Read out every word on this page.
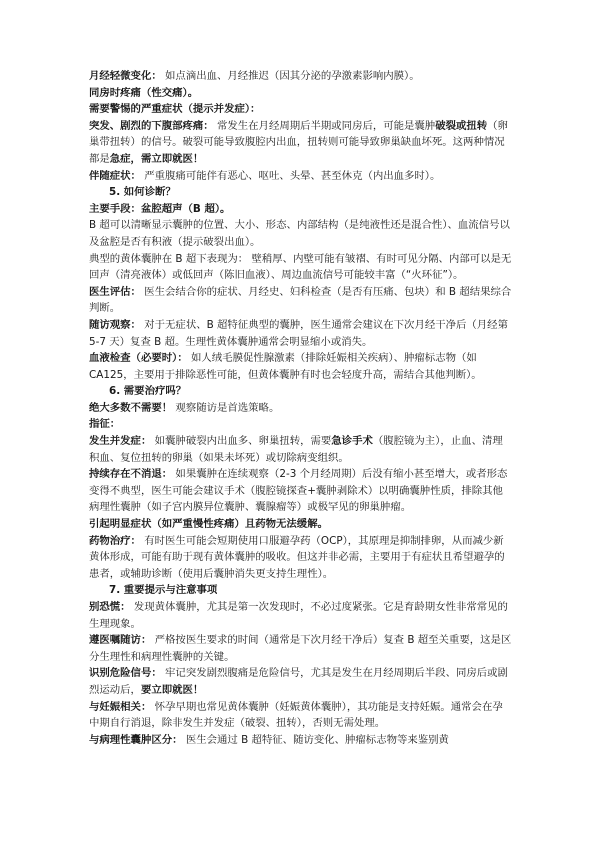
月经轻微变化： 如点滴出血、月经推迟（因其分泌的孕激素影响内膜）。
同房时疼痛（性交痛）。
需要警惕的严重症状（提示并发症）：
突发、剧烈的下腹部疼痛： 常发生在月经周期后半期或同房后，可能是囊肿破裂或扭转（卵巢带扭转）的信号。破裂可能导致腹腔内出血，扭转则可能导致卵巢缺血坏死。这两种情况都是急症，需立即就医！
伴随症状： 严重腹痛可能伴有恶心、呕吐、头晕、甚至休克（内出血多时）。
5. 如何诊断？
主要手段：盆腔超声（B 超）。
B 超可以清晰显示囊肿的位置、大小、形态、内部结构（是纯液性还是混合性）、血流信号以及盆腔是否有积液（提示破裂出血）。
典型的黄体囊肿在 B 超下表现为： 壁稍厚、内壁可能有皱褶、有时可见分隔、内部可以是无回声（清亮液体）或低回声（陈旧血液）、周边血流信号可能较丰富（“火环征”）。
医生评估： 医生会结合你的症状、月经史、妇科检查（是否有压痛、包块）和 B 超结果综合判断。
随访观察： 对于无症状、B 超特征典型的囊肿，医生通常会建议在下次月经干净后（月经第 5-7 天）复查 B 超。生理性黄体囊肿通常会明显缩小或消失。
血液检查（必要时）： 如人绒毛膜促性腺激素（排除妊娠相关疾病）、肿瘤标志物（如 CA125，主要用于排除恶性可能，但黄体囊肿有时也会轻度升高，需结合其他判断）。
6. 需要治疗吗？
绝大多数不需要！ 观察随访是首选策略。
指征：
发生并发症： 如囊肿破裂内出血多、卵巢扭转，需要急诊手术（腹腔镜为主），止血、清理积血、复位扭转的卵巢（如果未坏死）或切除病变组织。
持续存在不消退： 如果囊肿在连续观察（2-3 个月经周期）后没有缩小甚至增大，或者形态变得不典型，医生可能会建议手术（腹腔镜探查+囊肿剥除术）以明确囊肿性质，排除其他病理性囊肿（如子宫内膜异位囊肿、囊腺瘤等）或极罕见的卵巢肿瘤。
引起明显症状（如严重慢性疼痛）且药物无法缓解。
药物治疗： 有时医生可能会短期使用口服避孕药（OCP），其原理是抑制排卵，从而减少新黄体形成，可能有助于现有黄体囊肿的吸收。但这并非必需，主要用于有症状且希望避孕的患者，或辅助诊断（使用后囊肿消失更支持生理性）。
7. 重要提示与注意事项
别恐慌： 发现黄体囊肿，尤其是第一次发现时，不必过度紧张。它是育龄期女性非常常见的生理现象。
遵医嘱随访： 严格按医生要求的时间（通常是下次月经干净后）复查 B 超至关重要，这是区分生理性和病理性囊肿的关键。
识别危险信号： 牢记突发剧烈腹痛是危险信号，尤其是发生在月经周期后半段、同房后或剧烈运动后，要立即就医！
与妊娠相关： 怀孕早期也常见黄体囊肿（妊娠黄体囊肿），其功能是支持妊娠。通常会在孕中期自行消退，除非发生并发症（破裂、扭转），否则无需处理。
与病理性囊肿区分： 医生会通过 B 超特征、随访变化、肿瘤标志物等来鉴别黄
